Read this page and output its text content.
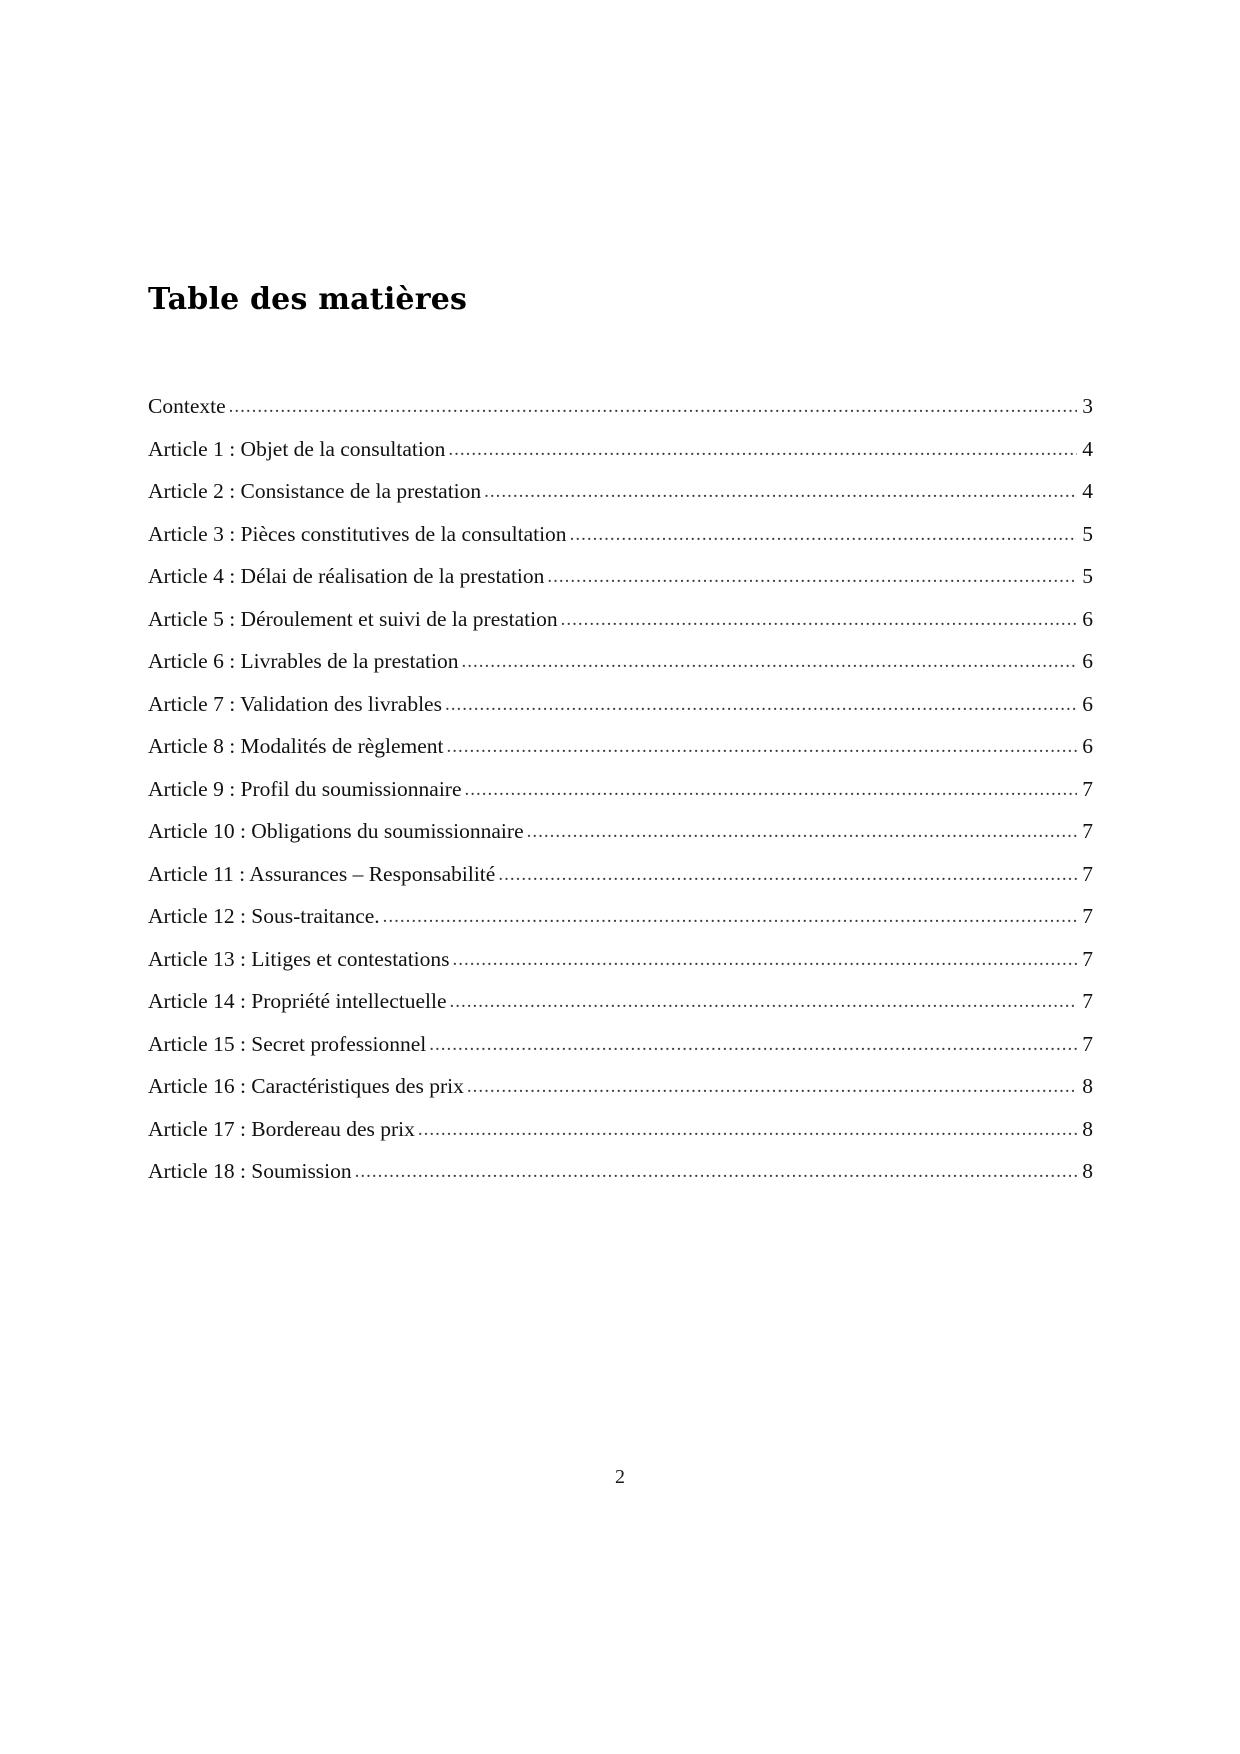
Table des matières
Contexte .....	3
Article 1 : Objet de la consultation .....	4
Article 2 : Consistance de la prestation .....	4
Article 3 : Pièces constitutives de la consultation .....	5
Article 4 : Délai de réalisation de la prestation .....	5
Article 5 : Déroulement et suivi de la prestation .....	6
Article 6 : Livrables de la prestation .....	6
Article 7 : Validation des livrables .....	6
Article 8 : Modalités de règlement .....	6
Article 9 : Profil du soumissionnaire .....	7
Article 10 : Obligations du soumissionnaire .....	7
Article 11 : Assurances – Responsabilité .....	7
Article 12 : Sous-traitance. .....	7
Article 13 : Litiges et contestations .....	7
Article 14 : Propriété intellectuelle .....	7
Article 15 : Secret professionnel .....	7
Article 16 : Caractéristiques des prix .....	8
Article 17 : Bordereau des prix .....	8
Article 18 : Soumission .....	8
2
